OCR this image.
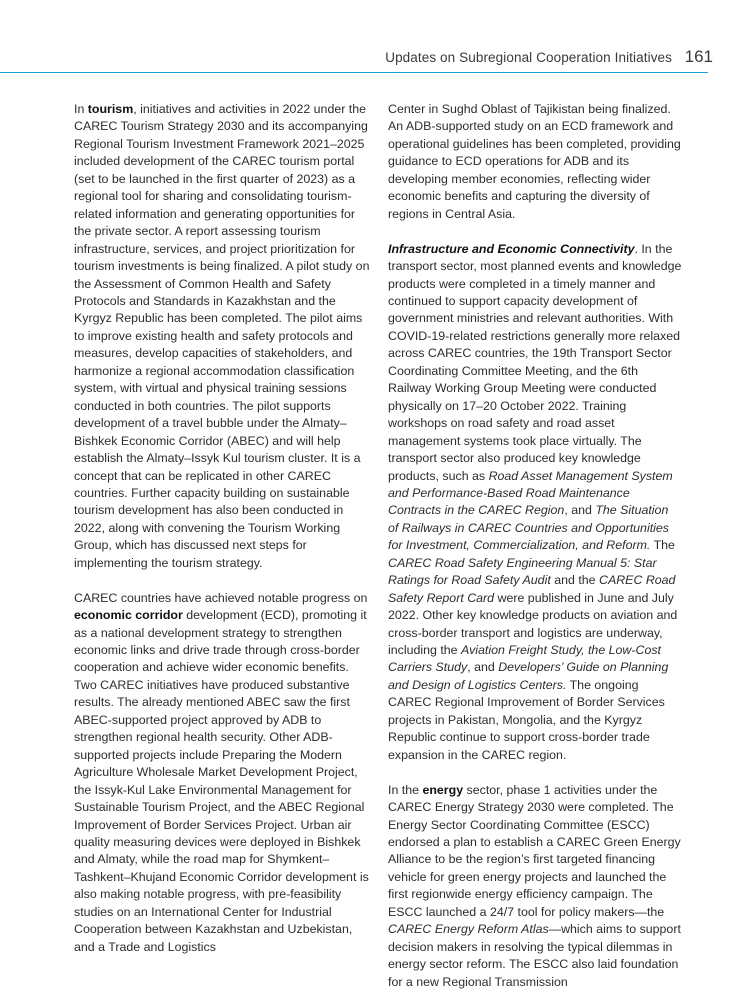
Updates on Subregional Cooperation Initiatives 161

In tourism, initiatives and activities in 2022 under the CAREC Tourism Strategy 2030 and its accompanying Regional Tourism Investment Framework 2021–2025 included development of the CAREC tourism portal (set to be launched in the first quarter of 2023) as a regional tool for sharing and consolidating tourism-related information and generating opportunities for the private sector. A report assessing tourism infrastructure, services, and project prioritization for tourism investments is being finalized. A pilot study on the Assessment of Common Health and Safety Protocols and Standards in Kazakhstan and the Kyrgyz Republic has been completed. The pilot aims to improve existing health and safety protocols and measures, develop capacities of stakeholders, and harmonize a regional accommodation classification system, with virtual and physical training sessions conducted in both countries. The pilot supports development of a travel bubble under the Almaty–Bishkek Economic Corridor (ABEC) and will help establish the Almaty–Issyk Kul tourism cluster. It is a concept that can be replicated in other CAREC countries. Further capacity building on sustainable tourism development has also been conducted in 2022, along with convening the Tourism Working Group, which has discussed next steps for implementing the tourism strategy.

CAREC countries have achieved notable progress on economic corridor development (ECD), promoting it as a national development strategy to strengthen economic links and drive trade through cross-border cooperation and achieve wider economic benefits. Two CAREC initiatives have produced substantive results. The already mentioned ABEC saw the first ABEC-supported project approved by ADB to strengthen regional health security. Other ADB-supported projects include Preparing the Modern Agriculture Wholesale Market Development Project, the Issyk-Kul Lake Environmental Management for Sustainable Tourism Project, and the ABEC Regional Improvement of Border Services Project. Urban air quality measuring devices were deployed in Bishkek and Almaty, while the road map for Shymkent–Tashkent–Khujand Economic Corridor development is also making notable progress, with pre-feasibility studies on an International Center for Industrial Cooperation between Kazakhstan and Uzbekistan, and a Trade and Logistics

Center in Sughd Oblast of Tajikistan being finalized. An ADB-supported study on an ECD framework and operational guidelines has been completed, providing guidance to ECD operations for ADB and its developing member economies, reflecting wider economic benefits and capturing the diversity of regions in Central Asia.

Infrastructure and Economic Connectivity. In the transport sector, most planned events and knowledge products were completed in a timely manner and continued to support capacity development of government ministries and relevant authorities. With COVID-19-related restrictions generally more relaxed across CAREC countries, the 19th Transport Sector Coordinating Committee Meeting, and the 6th Railway Working Group Meeting were conducted physically on 17–20 October 2022. Training workshops on road safety and road asset management systems took place virtually. The transport sector also produced key knowledge products, such as Road Asset Management System and Performance-Based Road Maintenance Contracts in the CAREC Region, and The Situation of Railways in CAREC Countries and Opportunities for Investment, Commercialization, and Reform. The CAREC Road Safety Engineering Manual 5: Star Ratings for Road Safety Audit and the CAREC Road Safety Report Card were published in June and July 2022. Other key knowledge products on aviation and cross-border transport and logistics are underway, including the Aviation Freight Study, the Low-Cost Carriers Study, and Developers’ Guide on Planning and Design of Logistics Centers. The ongoing CAREC Regional Improvement of Border Services projects in Pakistan, Mongolia, and the Kyrgyz Republic continue to support cross-border trade expansion in the CAREC region.

In the energy sector, phase 1 activities under the CAREC Energy Strategy 2030 were completed. The Energy Sector Coordinating Committee (ESCC) endorsed a plan to establish a CAREC Green Energy Alliance to be the region’s first targeted financing vehicle for green energy projects and launched the first regionwide energy efficiency campaign. The ESCC launched a 24/7 tool for policy makers—the CAREC Energy Reform Atlas—which aims to support decision makers in resolving the typical dilemmas in energy sector reform. The ESCC also laid foundation for a new Regional Transmission
